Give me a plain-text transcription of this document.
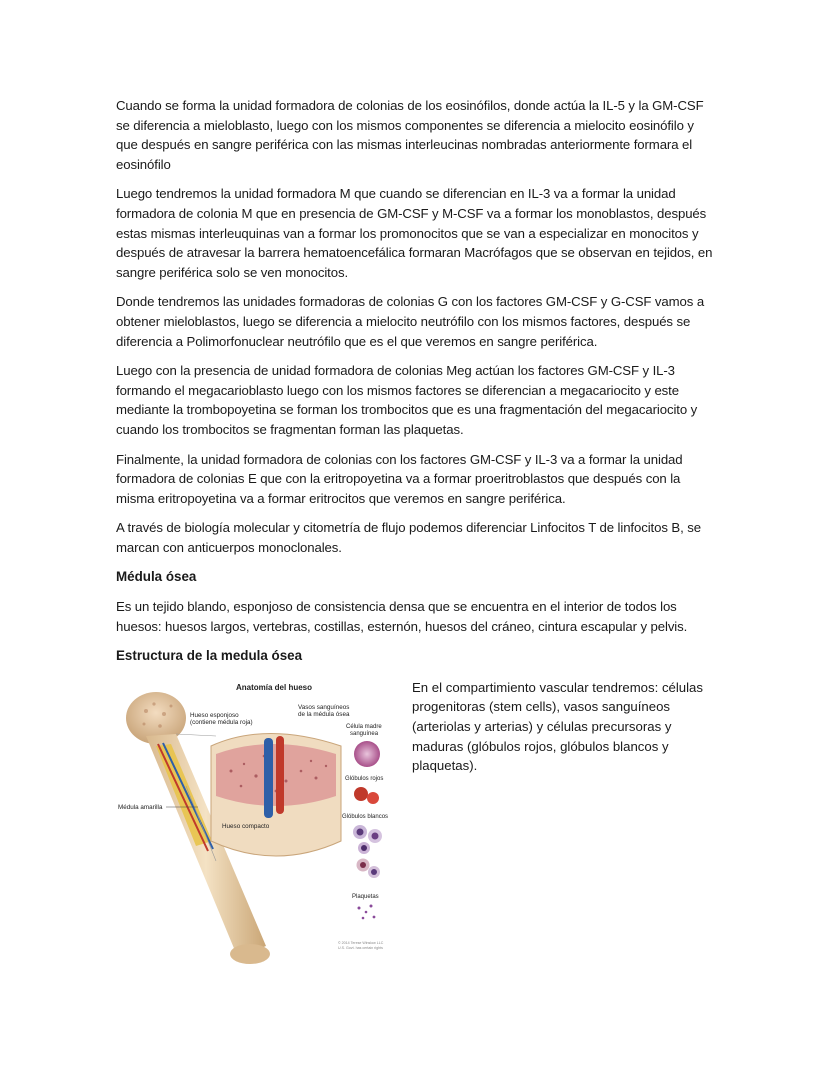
Cuando se forma la unidad formadora de colonias de los eosinófilos, donde actúa la IL-5 y la GM-CSF se diferencia a mieloblasto, luego con los mismos componentes se diferencia a mielocito eosinófilo y que después en sangre periférica con las mismas interleucinas nombradas anteriormente formara el eosinófilo

Luego tendremos la unidad formadora M que cuando se diferencian en IL-3 va a formar la unidad formadora de colonia M que en presencia de GM-CSF y M-CSF va a formar los monoblastos, después estas mismas interleuquinas van a formar los promonocitos que se van a especializar en monocitos y después de atravesar la barrera hematoencefálica formaran Macrófagos que se observan en tejidos, en sangre periférica solo se ven monocitos.

Donde tendremos las unidades formadoras de colonias G con los factores GM-CSF y G-CSF vamos a obtener mieloblastos, luego se diferencia a mielocito neutrófilo con los mismos factores, después se diferencia a Polimorfonuclear neutrófilo que es el que veremos en sangre periférica.

Luego con la presencia de unidad formadora de colonias Meg actúan los factores GM-CSF y IL-3 formando el megacarioblasto luego con los mismos factores se diferencian a megacariocito y este mediante la trombopoyetina se forman los trombocitos que es una fragmentación del megacariocito y cuando los trombocitos se fragmentan forman las plaquetas.

Finalmente, la unidad formadora de colonias con los factores GM-CSF y IL-3 va a formar la unidad formadora de colonias E que con la eritropoyetina va a formar proeritroblastos que después con la misma eritropoyetina va a formar eritrocitos que veremos en sangre periférica.

A través de biología molecular y citometría de flujo podemos diferenciar Linfocitos T de linfocitos B, se marcan con anticuerpos monoclonales.

Médula ósea

Es un tejido blando, esponjoso de consistencia densa que se encuentra en el interior de todos los huesos: huesos largos, vertebras, costillas, esternón, huesos del cráneo, cintura escapular y pelvis.

Estructura de la medula ósea

Anatomía del hueso
Hueso esponjoso
(contiene médula roja)
Vasos sanguíneos
de la médula ósea
Célula madre
sanguínea
Glóbulos rojos
Glóbulos blancos
Plaquetas
Médula amarilla
Hueso compacto
© 2014 Terese Winslow LLC
U.S. Govt. has certain rights
En el compartimiento vascular tendremos: células progenitoras (stem cells), vasos sanguíneos (arteriolas y arterias) y células precursoras y maduras (glóbulos rojos, glóbulos blancos y plaquetas).
